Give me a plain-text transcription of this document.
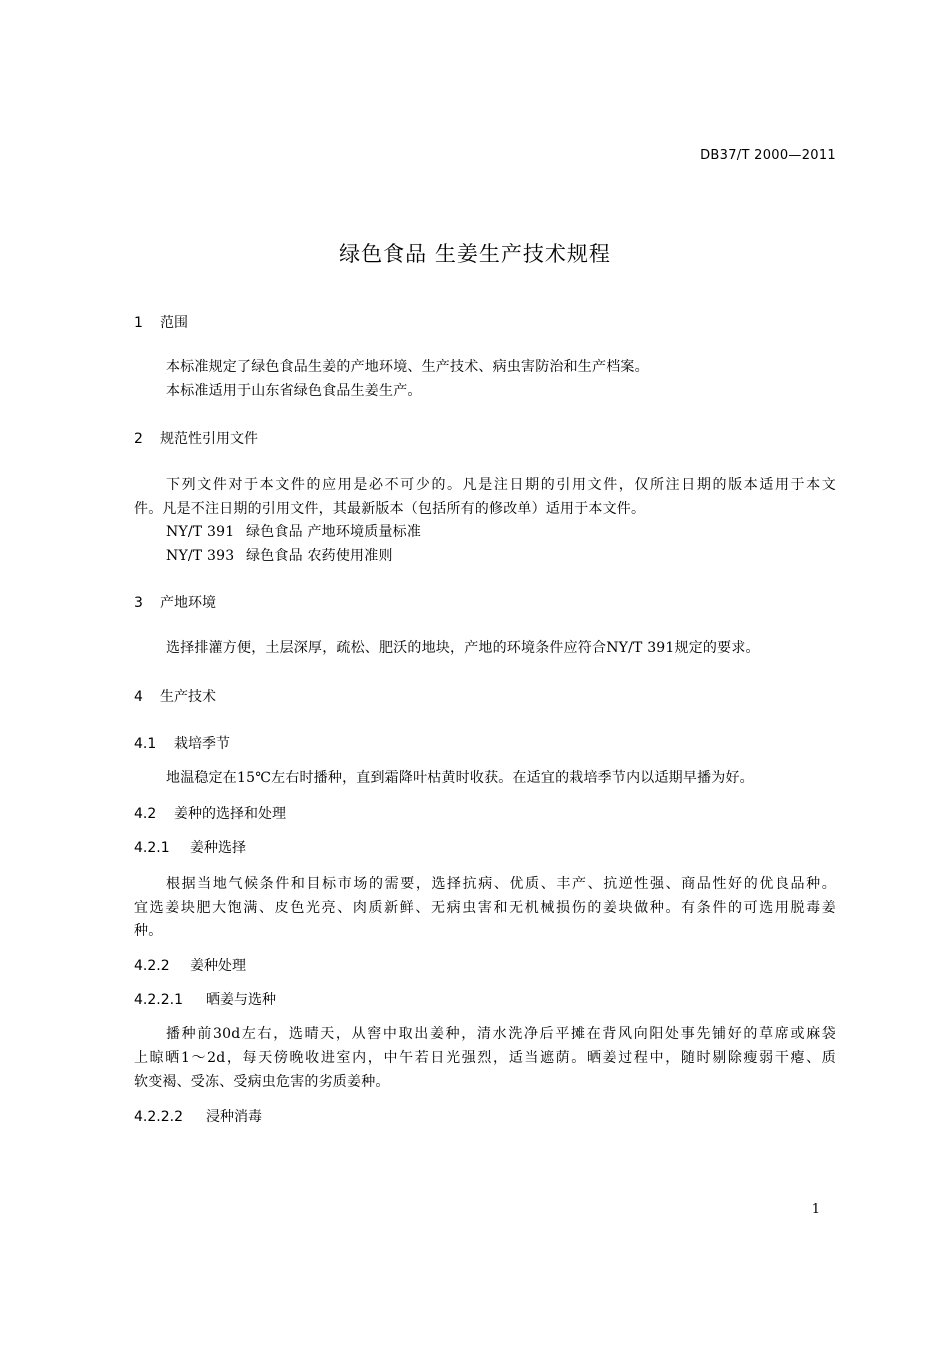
DB37/T 2000—2011
绿色食品 生姜生产技术规程
1 范围
本标准规定了绿色食品生姜的产地环境、生产技术、病虫害防治和生产档案。
本标准适用于山东省绿色食品生姜生产。
2 规范性引用文件
下列文件对于本文件的应用是必不可少的。凡是注日期的引用文件，仅所注日期的版本适用于本文
件。凡是不注日期的引用文件，其最新版本（包括所有的修改单）适用于本文件。
NY/T 391 绿色食品 产地环境质量标准
NY/T 393 绿色食品 农药使用准则
3 产地环境
选择排灌方便，土层深厚，疏松、肥沃的地块，产地的环境条件应符合NY/T 391规定的要求。
4 生产技术
4.1 栽培季节
地温稳定在15℃左右时播种，直到霜降叶枯黄时收获。在适宜的栽培季节内以适期早播为好。
4.2 姜种的选择和处理
4.2.1 姜种选择
根据当地气候条件和目标市场的需要，选择抗病、优质、丰产、抗逆性强、商品性好的优良品种。
宜选姜块肥大饱满、皮色光亮、肉质新鲜、无病虫害和无机械损伤的姜块做种。有条件的可选用脱毒姜
种。
4.2.2 姜种处理
4.2.2.1 晒姜与选种
播种前30d左右，选晴天，从窖中取出姜种，清水洗净后平摊在背风向阳处事先铺好的草席或麻袋
上晾晒1～2d，每天傍晚收进室内，中午若日光强烈，适当遮荫。晒姜过程中，随时剔除瘦弱干瘪、质
软变褐、受冻、受病虫危害的劣质姜种。
4.2.2.2 浸种消毒
1
